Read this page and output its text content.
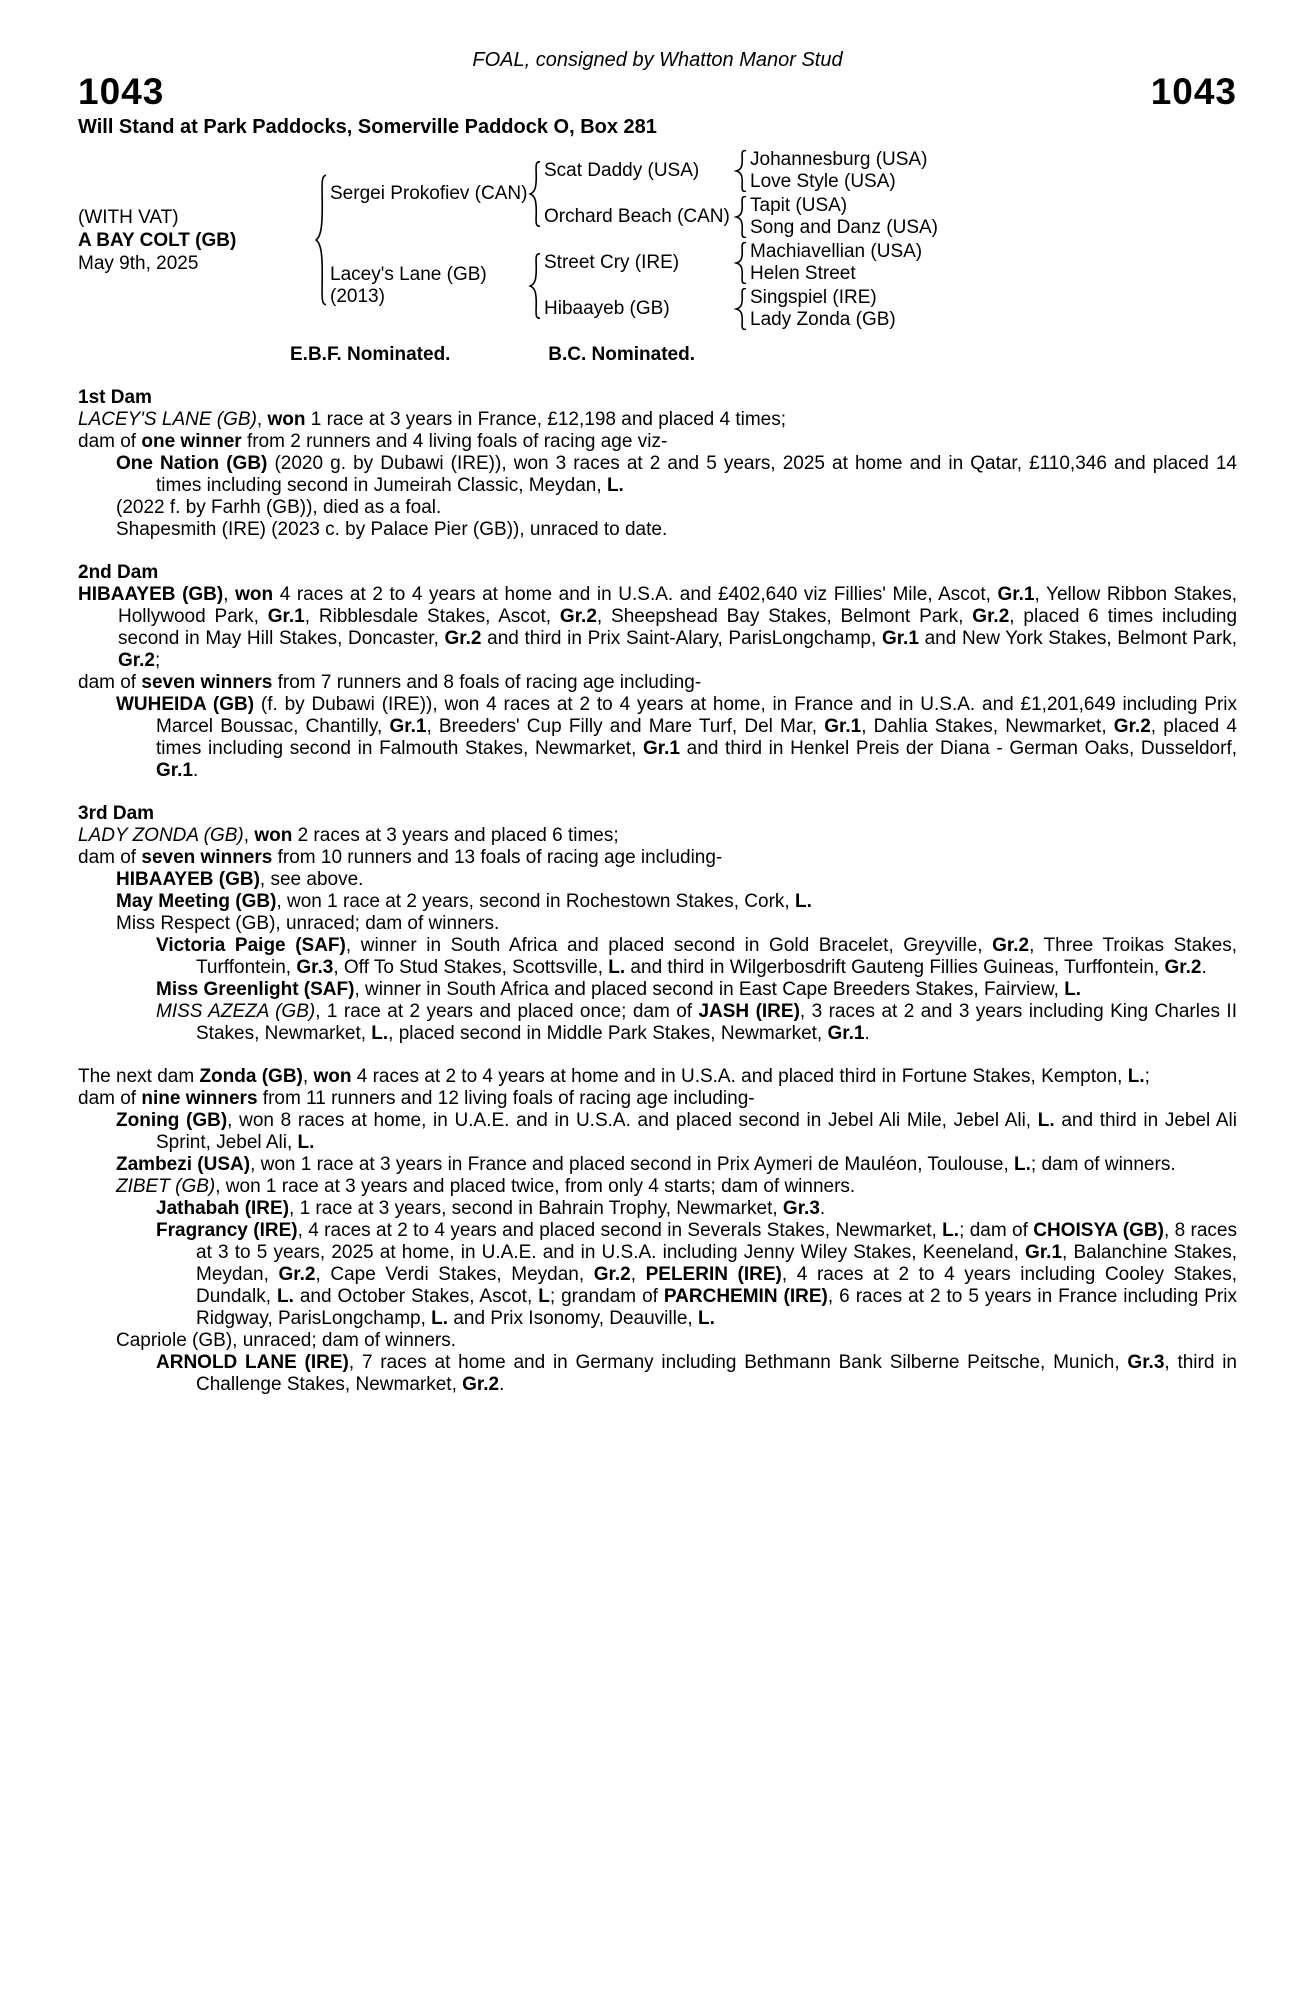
FOAL, consigned by Whatton Manor Stud
1043	1043
Will Stand at Park Paddocks, Somerville Paddock O, Box 281
(WITH VAT)
A BAY COLT (GB)
May 9th, 2025
Sergei Prokofiev (CAN)
Scat Daddy (USA)
Johannesburg (USA)
Love Style (USA)
Orchard Beach (CAN)
Tapit (USA)
Song and Danz (USA)
Lacey's Lane (GB)
(2013)
Street Cry (IRE)
Machiavellian (USA)
Helen Street
Hibaayeb (GB)
Singspiel (IRE)
Lady Zonda (GB)
E.B.F. Nominated.	B.C. Nominated.
1st Dam

LACEY'S LANE (GB), won 1 race at 3 years in France, £12,198 and placed 4 times;

dam of one winner from 2 runners and 4 living foals of racing age viz-

One Nation (GB) (2020 g. by Dubawi (IRE)), won 3 races at 2 and 5 years, 2025 at home and in Qatar, £110,346 and placed 14 times including second in Jumeirah Classic, Meydan, L.

(2022 f. by Farhh (GB)), died as a foal.

Shapesmith (IRE) (2023 c. by Palace Pier (GB)), unraced to date.

2nd Dam

HIBAAYEB (GB), won 4 races at 2 to 4 years at home and in U.S.A. and £402,640 viz Fillies' Mile, Ascot, Gr.1, Yellow Ribbon Stakes, Hollywood Park, Gr.1, Ribblesdale Stakes, Ascot, Gr.2, Sheepshead Bay Stakes, Belmont Park, Gr.2, placed 6 times including second in May Hill Stakes, Doncaster, Gr.2 and third in Prix Saint-Alary, ParisLongchamp, Gr.1 and New York Stakes, Belmont Park, Gr.2;

dam of seven winners from 7 runners and 8 foals of racing age including-

WUHEIDA (GB) (f. by Dubawi (IRE)), won 4 races at 2 to 4 years at home, in France and in U.S.A. and £1,201,649 including Prix Marcel Boussac, Chantilly, Gr.1, Breeders' Cup Filly and Mare Turf, Del Mar, Gr.1, Dahlia Stakes, Newmarket, Gr.2, placed 4 times including second in Falmouth Stakes, Newmarket, Gr.1 and third in Henkel Preis der Diana - German Oaks, Dusseldorf, Gr.1.

3rd Dam

LADY ZONDA (GB), won 2 races at 3 years and placed 6 times;

dam of seven winners from 10 runners and 13 foals of racing age including-

HIBAAYEB (GB), see above.

May Meeting (GB), won 1 race at 2 years, second in Rochestown Stakes, Cork, L.

Miss Respect (GB), unraced; dam of winners.

Victoria Paige (SAF), winner in South Africa and placed second in Gold Bracelet, Greyville, Gr.2, Three Troikas Stakes, Turffontein, Gr.3, Off To Stud Stakes, Scottsville, L. and third in Wilgerbosdrift Gauteng Fillies Guineas, Turffontein, Gr.2.

Miss Greenlight (SAF), winner in South Africa and placed second in East Cape Breeders Stakes, Fairview, L.

MISS AZEZA (GB), 1 race at 2 years and placed once; dam of JASH (IRE), 3 races at 2 and 3 years including King Charles II Stakes, Newmarket, L., placed second in Middle Park Stakes, Newmarket, Gr.1.

The next dam Zonda (GB), won 4 races at 2 to 4 years at home and in U.S.A. and placed third in Fortune Stakes, Kempton, L.;

dam of nine winners from 11 runners and 12 living foals of racing age including-

Zoning (GB), won 8 races at home, in U.A.E. and in U.S.A. and placed second in Jebel Ali Mile, Jebel Ali, L. and third in Jebel Ali Sprint, Jebel Ali, L.

Zambezi (USA), won 1 race at 3 years in France and placed second in Prix Aymeri de Mauléon, Toulouse, L.; dam of winners.

ZIBET (GB), won 1 race at 3 years and placed twice, from only 4 starts; dam of winners.

Jathabah (IRE), 1 race at 3 years, second in Bahrain Trophy, Newmarket, Gr.3.

Fragrancy (IRE), 4 races at 2 to 4 years and placed second in Severals Stakes, Newmarket, L.; dam of CHOISYA (GB), 8 races at 3 to 5 years, 2025 at home, in U.A.E. and in U.S.A. including Jenny Wiley Stakes, Keeneland, Gr.1, Balanchine Stakes, Meydan, Gr.2, Cape Verdi Stakes, Meydan, Gr.2, PELERIN (IRE), 4 races at 2 to 4 years including Cooley Stakes, Dundalk, L. and October Stakes, Ascot, L; grandam of PARCHEMIN (IRE), 6 races at 2 to 5 years in France including Prix Ridgway, ParisLongchamp, L. and Prix Isonomy, Deauville, L.

Capriole (GB), unraced; dam of winners.

ARNOLD LANE (IRE), 7 races at home and in Germany including Bethmann Bank Silberne Peitsche, Munich, Gr.3, third in Challenge Stakes, Newmarket, Gr.2.
